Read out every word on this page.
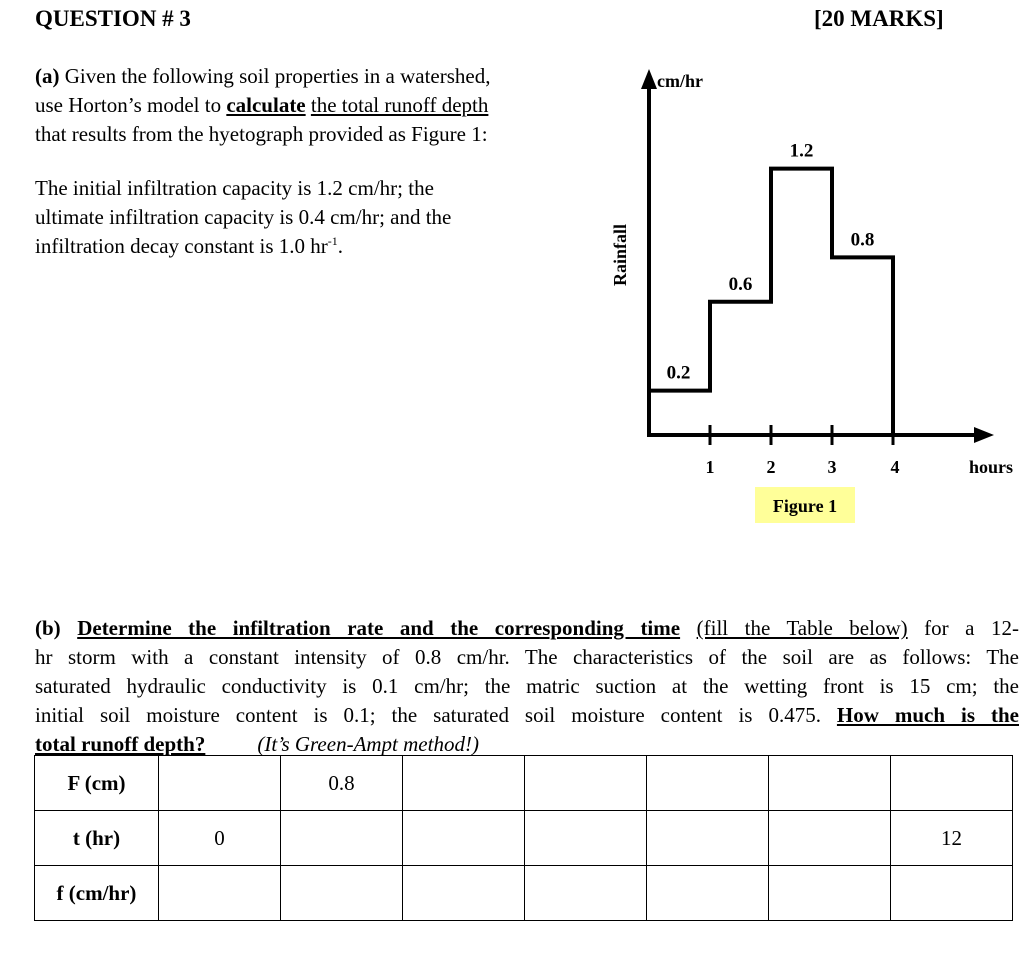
QUESTION # 3	[20 MARKS]
(a) Given the following soil properties in a watershed,
use Horton’s model to calculate the total runoff depth
that results from the hyetograph provided as Figure 1:
The initial infiltration capacity is 1.2 cm/hr; the
ultimate infiltration capacity is 0.4 cm/hr; and the
infiltration decay constant is 1.0 $hr^{-1}$.
cm/hr
Rainfall
hours
0.2
0.6
1.2
0.8
1	2	3	4
Figure 1
(b) Determine the infiltration rate and the corresponding time (fill the Table below) for a 12-
hr storm with a constant intensity of 0.8 cm/hr. The characteristics of the soil are as follows: The
saturated hydraulic conductivity is 0.1 cm/hr; the matric suction at the wetting front is 15 cm; the
initial soil moisture content is 0.1; the saturated soil moisture content is 0.475. How much is the
total runoff depth? (It’s Green-Ampt method!)
F (cm)		0.8					
t (hr)	0						12
f (cm/hr)							
